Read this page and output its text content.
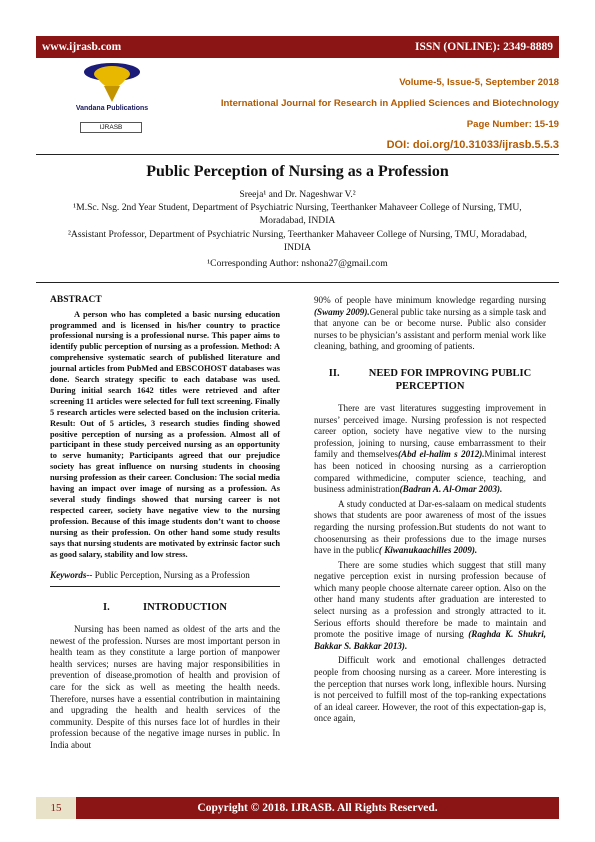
www.ijrasb.com	ISSN (ONLINE): 2349-8889
Vandana Publications
IJRASB
Volume-5, Issue-5, September 2018
International Journal for Research in Applied Sciences and Biotechnology
Page Number: 15-19
DOI: doi.org/10.31033/ijrasb.5.5.3
Public Perception of Nursing as a Profession
Sreeja¹ and Dr. Nageshwar V.²
¹M.Sc. Nsg. 2nd Year Student, Department of Psychiatric Nursing, Teerthanker Mahaveer College of Nursing, TMU, Moradabad, INDIA
²Assistant Professor, Department of Psychiatric Nursing, Teerthanker Mahaveer College of Nursing, TMU, Moradabad, INDIA
¹Corresponding Author: nshona27@gmail.com

ABSTRACT

A person who has completed a basic nursing education programmed and is licensed in his/her country to practice professional nursing is a professional nurse. This paper aims to identify public perception of nursing as a profession. Method: A comprehensive systematic search of published literature and journal articles from PubMed and EBSCOHOST databases was done. Search strategy specific to each database was used. During initial search 1642 titles were retrieved and after screening 11 articles were selected for full text screening. Finally 5 research articles were selected based on the inclusion criteria. Result: Out of 5 articles, 3 research studies finding showed positive perception of nursing as a profession. Almost all of participant in these study perceived nursing as an opportunity to serve humanity; Participants agreed that our prejudice society has great influence on nursing students in choosing nursing profession as their career. Conclusion: The social media having an impact over image of nursing as a profession. As several study findings showed that nursing career is not respected career, society have negative view to the nursing profession. Because of this image students don’t want to choose nursing as their profession. On other hand some study results says that nursing students are motivated by extrinsic factor such as good salary, stability and low stress.

Keywords-- Public Perception, Nursing as a Profession
I.	INTRODUCTION

Nursing has been named as oldest of the arts and the newest of the profession. Nurses are most important person in health team as they constitute a large portion of manpower health services; nurses are having major responsibilities in prevention of disease,promotion of health and provision of care for the sick as well as meeting the health needs. Therefore, nurses have a essential contribution in maintaining and upgrading the health and health services of the community. Despite of this nurses face lot of hurdles in their profession because of the negative image nurses in public. In India about

90% of people have minimum knowledge regarding nursing (Swamy 2009).General public take nursing as a simple task and that anyone can be or become nurse. Public also consider nurses to be physician’s assistant and perform menial work like cleaning, bathing, and grooming of patients.

II.	NEED FOR IMPROVING PUBLIC PERCEPTION

There are vast literatures suggesting improvement in nurses’ perceived image. Nursing profession is not respected career option, society have negative view to the nursing profession, joining to nursing, cause embarrassment to their family and themselves(Abd el-halim s 2012).Minimal interest has been noticed in choosing nursing as a carrieroption compared withmedicine, computer science, teaching, and business administration(Badran A. Al-Omar 2003).

A study conducted at Dar-es-salaam on medical students shows that students are poor awareness of most of the issues regarding the nursing profession.But students do not want to choosenursing as their professions due to the image nurses have in the public( Kiwanukaachilles 2009).

There are some studies which suggest that still many negative perception exist in nursing profession because of which many people choose alternate career option. Also on the other hand many students after graduation are interested to select nursing as a profession and strongly attracted to it. Serious efforts should therefore be made to maintain and promote the positive image of nursing (Raghda K. Shukri, Bakkar S. Bakkar 2013).

Difficult work and emotional challenges detracted people from choosing nursing as a career. More interesting is the perception that nurses work long, inflexible hours. Nursing is not perceived to fulfill most of the top-ranking expectations of an ideal career. However, the root of this expectation-gap is, once again,

15	Copyright © 2018. IJRASB. All Rights Reserved.
